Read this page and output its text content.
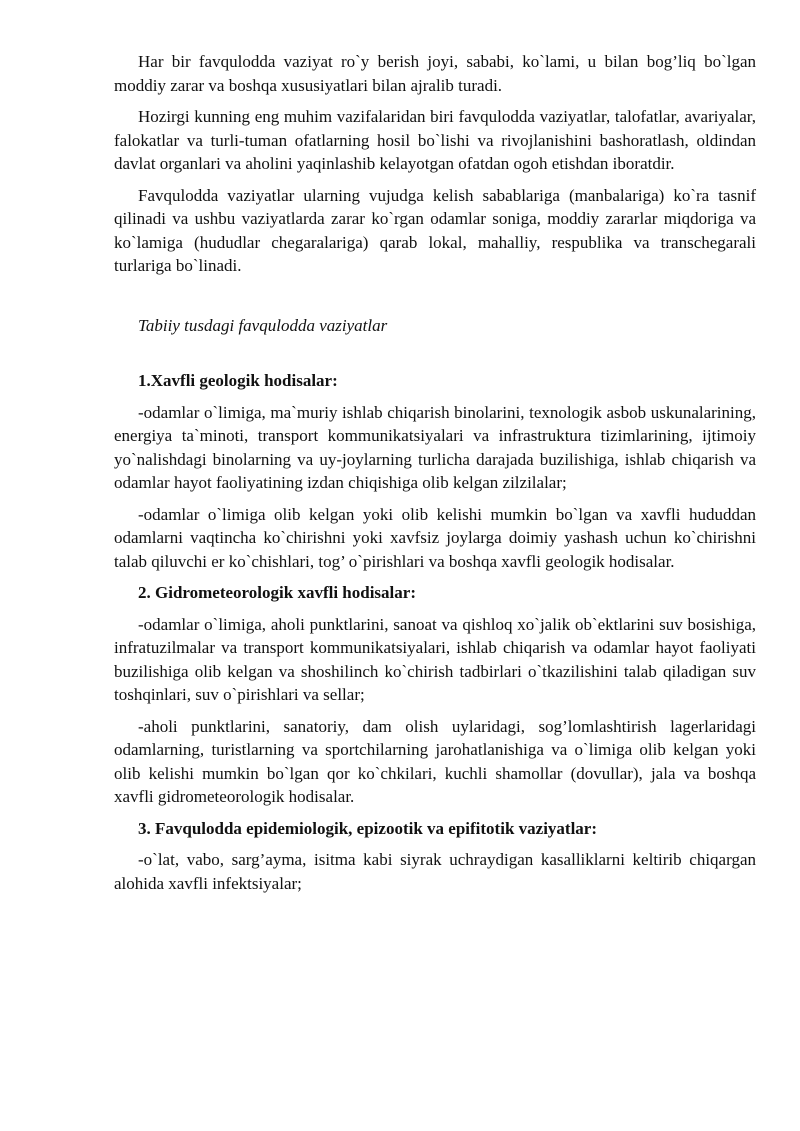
Har bir favqulodda vaziyat ro`y berish joyi, sababi, ko`lami, u bilan bog’liq bo`lgan moddiy zarar va boshqa xususiyatlari bilan ajralib turadi.

Hozirgi kunning eng muhim vazifalaridan biri favqulodda vaziyatlar, talofatlar, avariyalar, falokatlar va turli-tuman ofatlarning hosil bo`lishi va rivojlanishini bashoratlash, oldindan davlat organlari va aholini yaqinlashib kelayotgan ofatdan ogoh etishdan iboratdir.

Favqulodda vaziyatlar ularning vujudga kelish sabablariga (manbalariga) ko`ra tasnif qilinadi va ushbu vaziyatlarda zarar ko`rgan odamlar soniga, moddiy zararlar miqdoriga va ko`lamiga (hududlar chegaralariga) qarab lokal, mahalliy, respublika va transchegarali turlariga bo`linadi.

Tabiiy tusdagi favqulodda vaziyatlar

1.Xavfli geologik hodisalar:

-odamlar o`limiga, ma`muriy ishlab chiqarish binolarini, texnologik asbob uskunalarining, energiya ta`minoti, transport kommunikatsiyalari va infrastruktura tizimlarining, ijtimoiy yo`nalishdagi binolarning va uy-joylarning turlicha darajada buzilishiga, ishlab chiqarish va odamlar hayot faoliyatining izdan chiqishiga olib kelgan zilzilalar;

-odamlar o`limiga olib kelgan yoki olib kelishi mumkin bo`lgan va xavfli hududdan odamlarni vaqtincha ko`chirishni yoki xavfsiz joylarga doimiy yashash uchun ko`chirishni talab qiluvchi er ko`chishlari, tog’ o`pirishlari va boshqa xavfli geologik hodisalar.

2. Gidrometeorologik xavfli hodisalar:

-odamlar o`limiga, aholi punktlarini, sanoat va qishloq xo`jalik ob`ektlarini suv bosishiga, infratuzilmalar va transport kommunikatsiyalari, ishlab chiqarish va odamlar hayot faoliyati buzilishiga olib kelgan va shoshilinch ko`chirish tadbirlari o`tkazilishini talab qiladigan suv toshqinlari, suv o`pirishlari va sellar;

-aholi punktlarini, sanatoriy, dam olish uylaridagi, sog’lomlashtirish lagerlaridagi odamlarning, turistlarning va sportchilarning jarohatlanishiga va o`limiga olib kelgan yoki olib kelishi mumkin bo`lgan qor ko`chkilari, kuchli shamollar (dovullar), jala va boshqa xavfli gidrometeorologik hodisalar.

3. Favqulodda epidemiologik, epizootik va epifitotik vaziyatlar:

-o`lat, vabo, sarg’ayma, isitma kabi siyrak uchraydigan kasalliklarni keltirib chiqargan alohida xavfli infektsiyalar;
